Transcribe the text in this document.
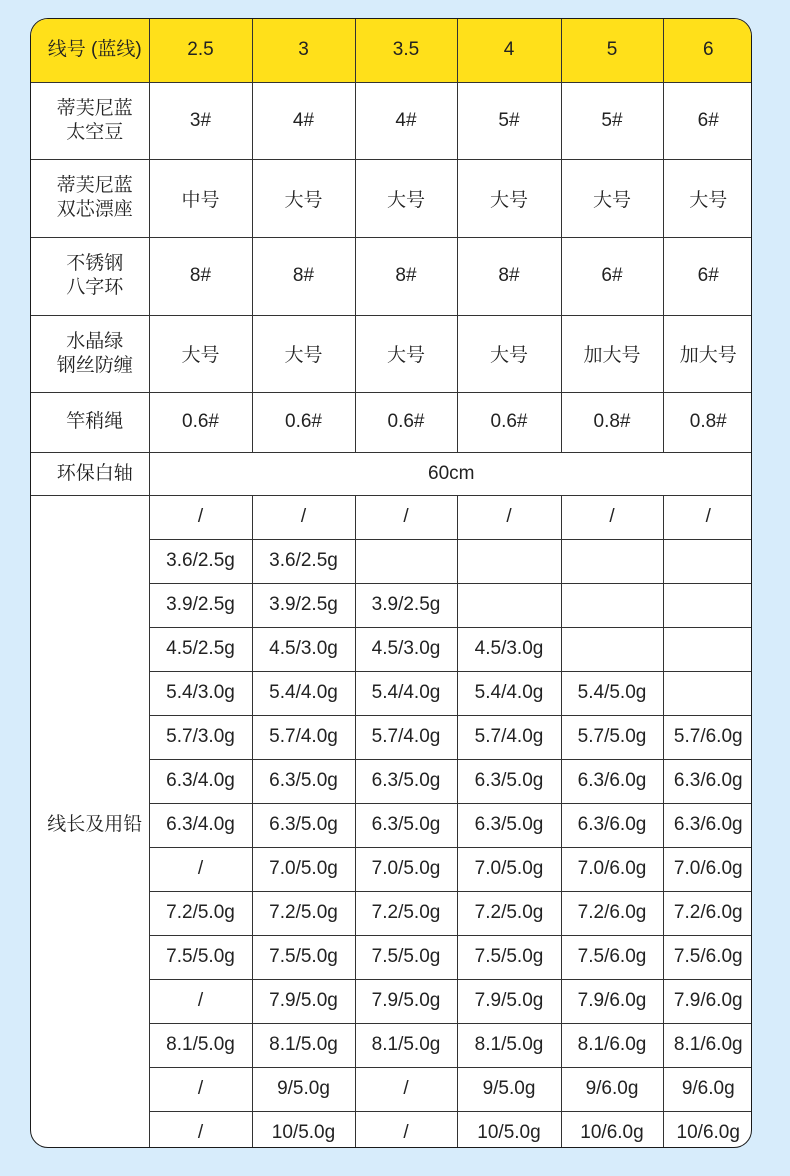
线号 (蓝线)	2.5	3	3.5	4	5	6

蒂芙尼蓝
太空豆	3#	4#	4#	5#	5#	6#

蒂芙尼蓝
双芯漂座	中号	大号	大号	大号	大号	大号

不锈钢
八字环	8#	8#	8#	8#	6#	6#

水晶绿
钢丝防缠	大号	大号	大号	大号	加大号	加大号

竿稍绳	0.6#	0.6#	0.6#	0.6#	0.8#	0.8#
环保白轴	60cm					
线长及用铅	/	/	/	/	/	/
	3.6/2.5g	3.6/2.5g				
	3.9/2.5g	3.9/2.5g	3.9/2.5g			
	4.5/2.5g	4.5/3.0g	4.5/3.0g	4.5/3.0g		
	5.4/3.0g	5.4/4.0g	5.4/4.0g	5.4/4.0g	5.4/5.0g	
	5.7/3.0g	5.7/4.0g	5.7/4.0g	5.7/4.0g	5.7/5.0g	5.7/6.0g
	6.3/4.0g	6.3/5.0g	6.3/5.0g	6.3/5.0g	6.3/6.0g	6.3/6.0g
	6.3/4.0g	6.3/5.0g	6.3/5.0g	6.3/5.0g	6.3/6.0g	6.3/6.0g
	/	7.0/5.0g	7.0/5.0g	7.0/5.0g	7.0/6.0g	7.0/6.0g
	7.2/5.0g	7.2/5.0g	7.2/5.0g	7.2/5.0g	7.2/6.0g	7.2/6.0g
	7.5/5.0g	7.5/5.0g	7.5/5.0g	7.5/5.0g	7.5/6.0g	7.5/6.0g
	/	7.9/5.0g	7.9/5.0g	7.9/5.0g	7.9/6.0g	7.9/6.0g
	8.1/5.0g	8.1/5.0g	8.1/5.0g	8.1/5.0g	8.1/6.0g	8.1/6.0g
	/	9/5.0g	/	9/5.0g	9/6.0g	9/6.0g
	/	10/5.0g	/	10/5.0g	10/6.0g	10/6.0g
